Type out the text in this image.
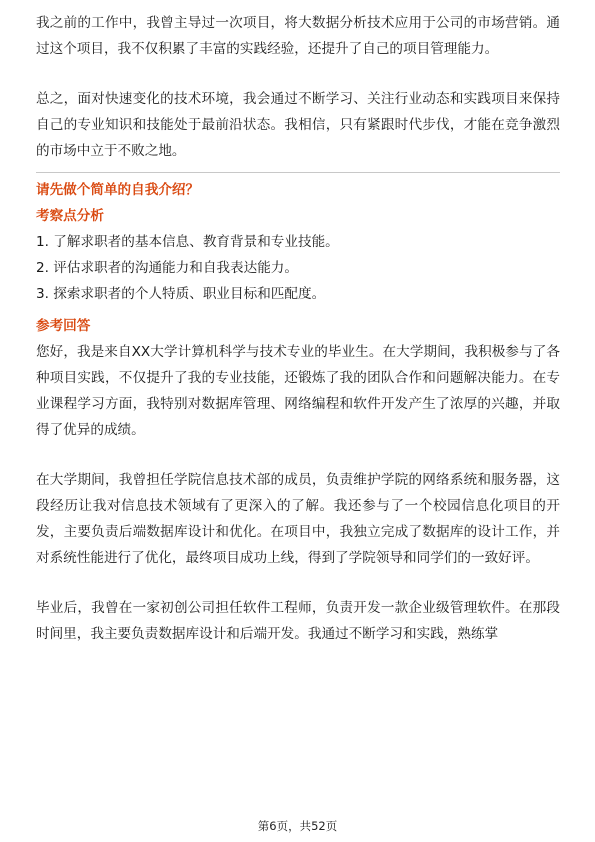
我之前的工作中，我曾主导过一次项目，将大数据分析技术应用于公司的市场营销。通过这个项目，我不仅积累了丰富的实践经验，还提升了自己的项目管理能力。

总之，面对快速变化的技术环境，我会通过不断学习、关注行业动态和实践项目来保持自己的专业知识和技能处于最前沿状态。我相信，只有紧跟时代步伐，才能在竞争激烈的市场中立于不败之地。

请先做个简单的自我介绍？

考察点分析

1. 了解求职者的基本信息、教育背景和专业技能。

2. 评估求职者的沟通能力和自我表达能力。

3. 探索求职者的个人特质、职业目标和匹配度。

参考回答

您好，我是来自XX大学计算机科学与技术专业的毕业生。在大学期间，我积极参与了各种项目实践，不仅提升了我的专业技能，还锻炼了我的团队合作和问题解决能力。在专业课程学习方面，我特别对数据库管理、网络编程和软件开发产生了浓厚的兴趣，并取得了优异的成绩。

在大学期间，我曾担任学院信息技术部的成员，负责维护学院的网络系统和服务器，这段经历让我对信息技术领域有了更深入的了解。我还参与了一个校园信息化项目的开发，主要负责后端数据库设计和优化。在项目中，我独立完成了数据库的设计工作，并对系统性能进行了优化，最终项目成功上线，得到了学院领导和同学们的一致好评。

毕业后，我曾在一家初创公司担任软件工程师，负责开发一款企业级管理软件。在那段时间里，我主要负责数据库设计和后端开发。我通过不断学习和实践，熟练掌

第6页，共52页
